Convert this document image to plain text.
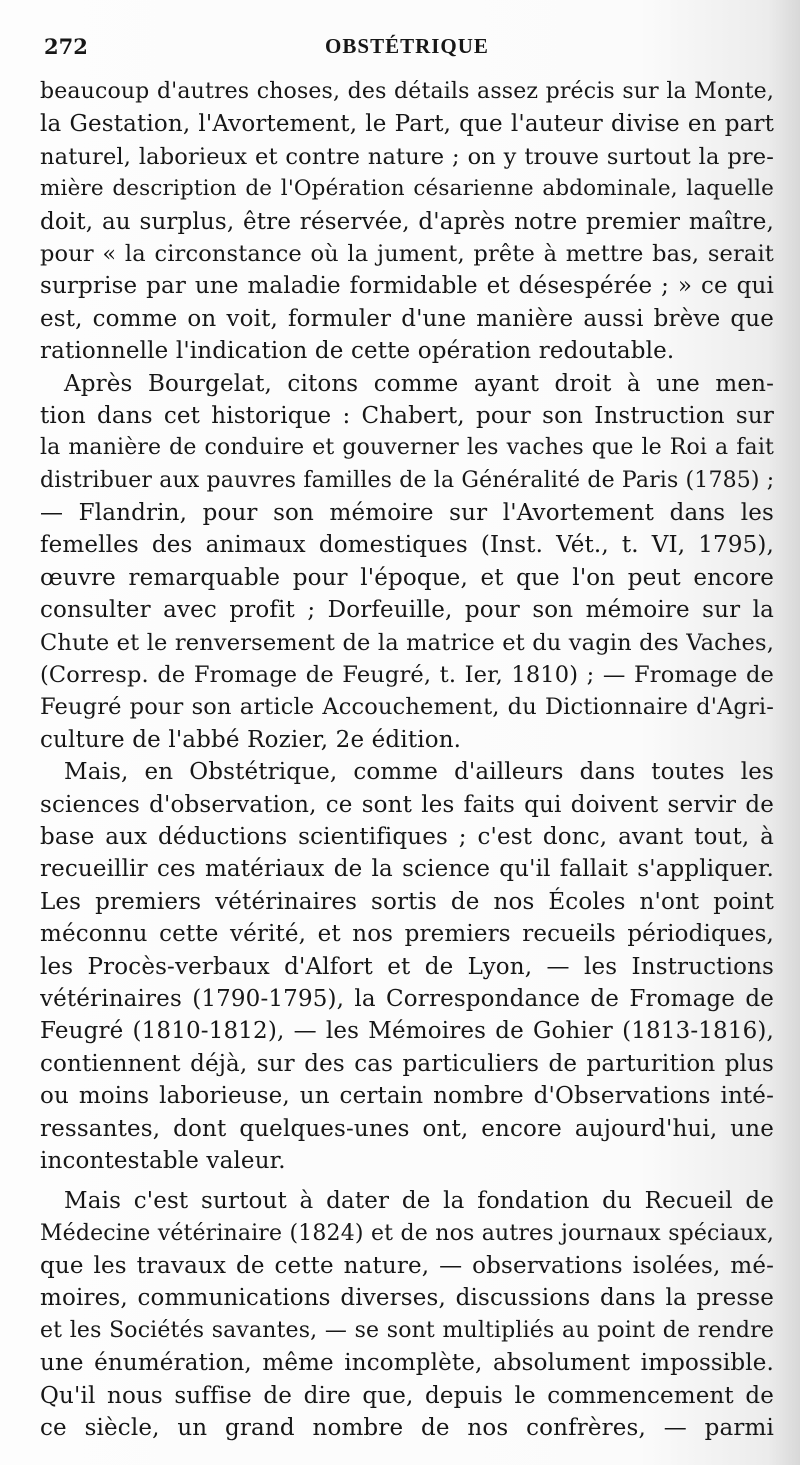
272	OBSTÉTRIQUE
beaucoup d'autres choses, des détails assez précis sur la Monte,
la Gestation, l'Avortement, le Part, que l'auteur divise en part
naturel, laborieux et contre nature ; on y trouve surtout la pre-
mière description de l'Opération césarienne abdominale, laquelle
doit, au surplus, être réservée, d'après notre premier maître,
pour « la circonstance où la jument, prête à mettre bas, serait
surprise par une maladie formidable et désespérée ; » ce qui
est, comme on voit, formuler d'une manière aussi brève que
rationnelle l'indication de cette opération redoutable.
Après Bourgelat, citons comme ayant droit à une men-
tion dans cet historique : Chabert, pour son Instruction sur
la manière de conduire et gouverner les vaches que le Roi a fait
distribuer aux pauvres familles de la Généralité de Paris (1785) ;
— Flandrin, pour son mémoire sur l'Avortement dans les
femelles des animaux domestiques (Inst. Vét., t. VI, 1795),
œuvre remarquable pour l'époque, et que l'on peut encore
consulter avec profit ; Dorfeuille, pour son mémoire sur la
Chute et le renversement de la matrice et du vagin des Vaches,
(Corresp. de Fromage de Feugré, t. Ier, 1810) ; — Fromage de
Feugré pour son article Accouchement, du Dictionnaire d'Agri-
culture de l'abbé Rozier, 2e édition.
Mais, en Obstétrique, comme d'ailleurs dans toutes les
sciences d'observation, ce sont les faits qui doivent servir de
base aux déductions scientifiques ; c'est donc, avant tout, à
recueillir ces matériaux de la science qu'il fallait s'appliquer.
Les premiers vétérinaires sortis de nos Écoles n'ont point
méconnu cette vérité, et nos premiers recueils périodiques,
les Procès-verbaux d'Alfort et de Lyon, — les Instructions
vétérinaires (1790-1795), la Correspondance de Fromage de
Feugré (1810-1812), — les Mémoires de Gohier (1813-1816),
contiennent déjà, sur des cas particuliers de parturition plus
ou moins laborieuse, un certain nombre d'Observations inté-
ressantes, dont quelques-unes ont, encore aujourd'hui, une
incontestable valeur.
Mais c'est surtout à dater de la fondation du Recueil de
Médecine vétérinaire (1824) et de nos autres journaux spéciaux,
que les travaux de cette nature, — observations isolées, mé-
moires, communications diverses, discussions dans la presse
et les Sociétés savantes, — se sont multipliés au point de rendre
une énumération, même incomplète, absolument impossible.
Qu'il nous suffise de dire que, depuis le commencement de
ce siècle, un grand nombre de nos confrères, — parmi
